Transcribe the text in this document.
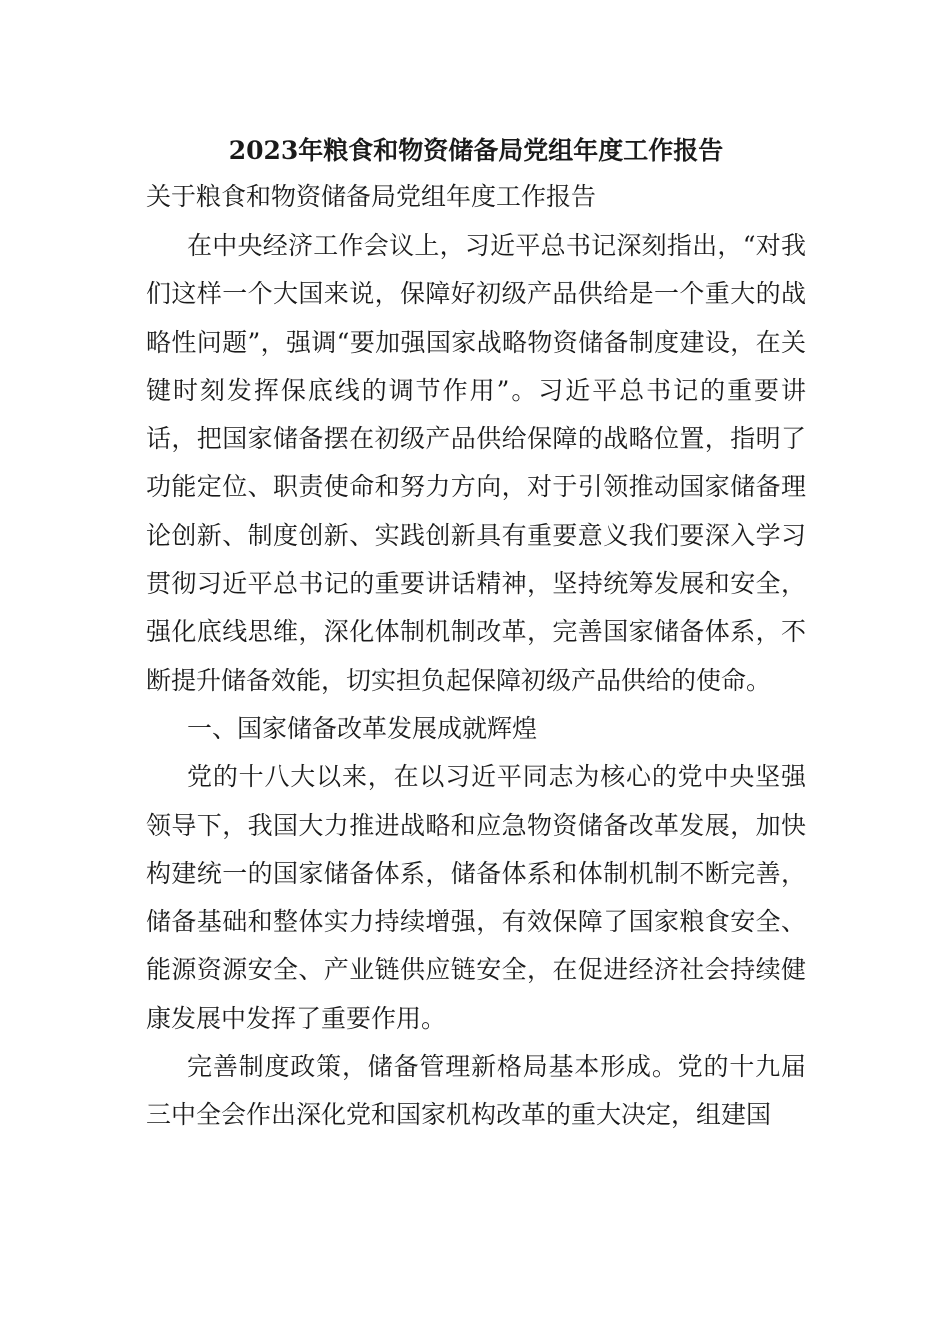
2023年粮食和物资储备局党组年度工作报告

关于粮食和物资储备局党组年度工作报告

在中央经济工作会议上，习近平总书记深刻指出，“对我们这样一个大国来说，保障好初级产品供给是一个重大的战略性问题”，强调“要加强国家战略物资储备制度建设，在关键时刻发挥保底线的调节作用”。习近平总书记的重要讲话，把国家储备摆在初级产品供给保障的战略位置，指明了功能定位、职责使命和努力方向，对于引领推动国家储备理论创新、制度创新、实践创新具有重要意义我们要深入学习贯彻习近平总书记的重要讲话精神，坚持统筹发展和安全，强化底线思维，深化体制机制改革，完善国家储备体系，不断提升储备效能，切实担负起保障初级产品供给的使命。

一、国家储备改革发展成就辉煌

党的十八大以来，在以习近平同志为核心的党中央坚强领导下，我国大力推进战略和应急物资储备改革发展，加快构建统一的国家储备体系，储备体系和体制机制不断完善，储备基础和整体实力持续增强，有效保障了国家粮食安全、能源资源安全、产业链供应链安全，在促进经济社会持续健康发展中发挥了重要作用。

完善制度政策，储备管理新格局基本形成。党的十九届三中全会作出深化党和国家机构改革的重大决定，组建国
